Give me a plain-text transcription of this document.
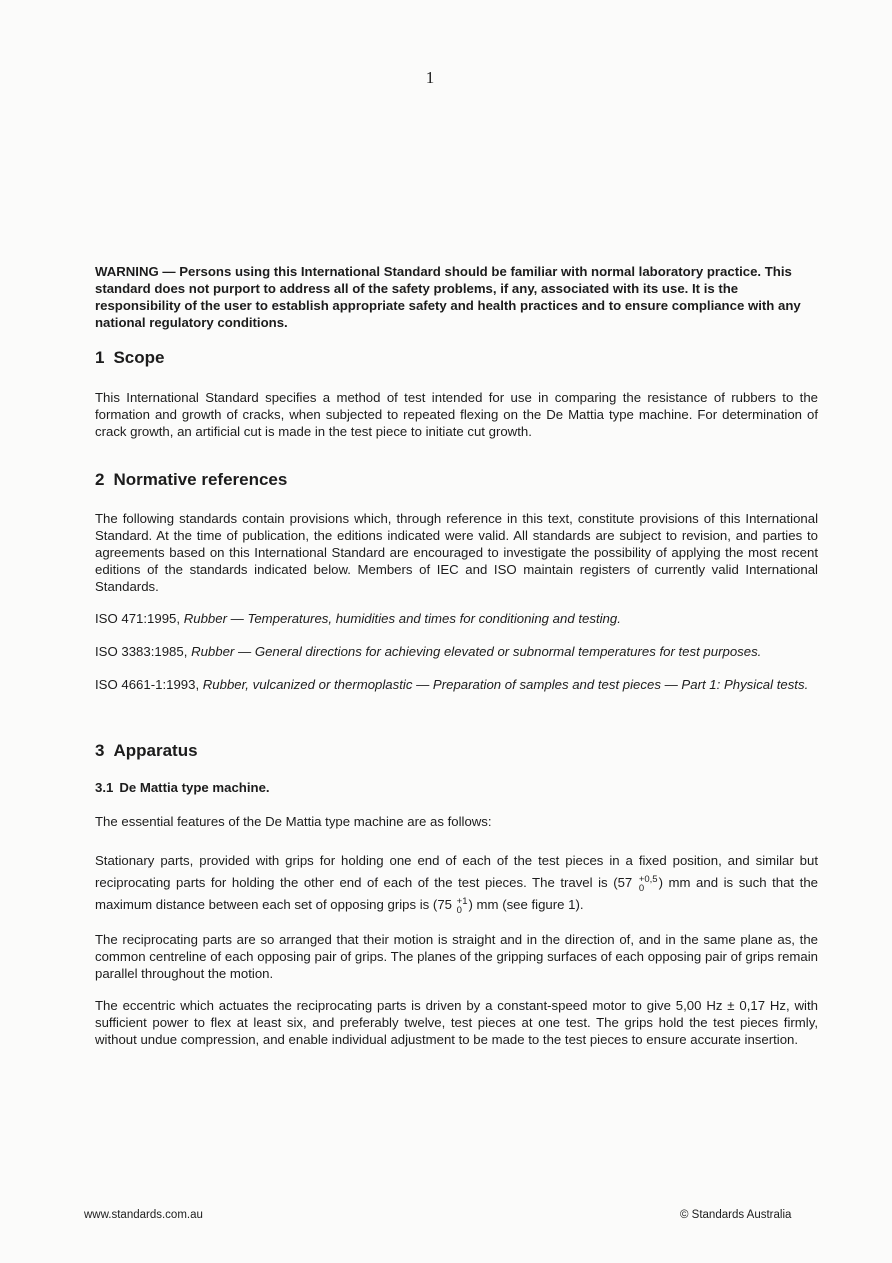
1

WARNING — Persons using this International Standard should be familiar with normal laboratory practice. This standard does not purport to address all of the safety problems, if any, associated with its use. It is the responsibility of the user to establish appropriate safety and health practices and to ensure compliance with any national regulatory conditions.

1 Scope

This International Standard specifies a method of test intended for use in comparing the resistance of rubbers to the formation and growth of cracks, when subjected to repeated flexing on the De Mattia type machine. For determination of crack growth, an artificial cut is made in the test piece to initiate cut growth.

2 Normative references

The following standards contain provisions which, through reference in this text, constitute provisions of this International Standard. At the time of publication, the editions indicated were valid. All standards are subject to revision, and parties to agreements based on this International Standard are encouraged to investigate the possibility of applying the most recent editions of the standards indicated below. Members of IEC and ISO maintain registers of currently valid International Standards.

ISO 471:1995, Rubber — Temperatures, humidities and times for conditioning and testing.

ISO 3383:1985, Rubber — General directions for achieving elevated or subnormal temperatures for test purposes.

ISO 4661-1:1993, Rubber, vulcanized or thermoplastic — Preparation of samples and test pieces — Part 1: Physical tests.

3 Apparatus
3.1 De Mattia type machine.

The essential features of the De Mattia type machine are as follows:

Stationary parts, provided with grips for holding one end of each of the test pieces in a fixed position, and similar but reciprocating parts for holding the other end of each of the test pieces. The travel is (57 +0,5
0	) mm and is such that the maximum distance between each set of opposing grips is (75 +1
0 ) mm (see figure 1).

The reciprocating parts are so arranged that their motion is straight and in the direction of, and in the same plane as, the common centreline of each opposing pair of grips. The planes of the gripping surfaces of each opposing pair of grips remain parallel throughout the motion.

The eccentric which actuates the reciprocating parts is driven by a constant-speed motor to give 5,00 Hz ± 0,17 Hz, with sufficient power to flex at least six, and preferably twelve, test pieces at one test. The grips hold the test pieces firmly, without undue compression, and enable individual adjustment to be made to the test pieces to ensure accurate insertion.

www.standards.com.au	© Standards Australia
